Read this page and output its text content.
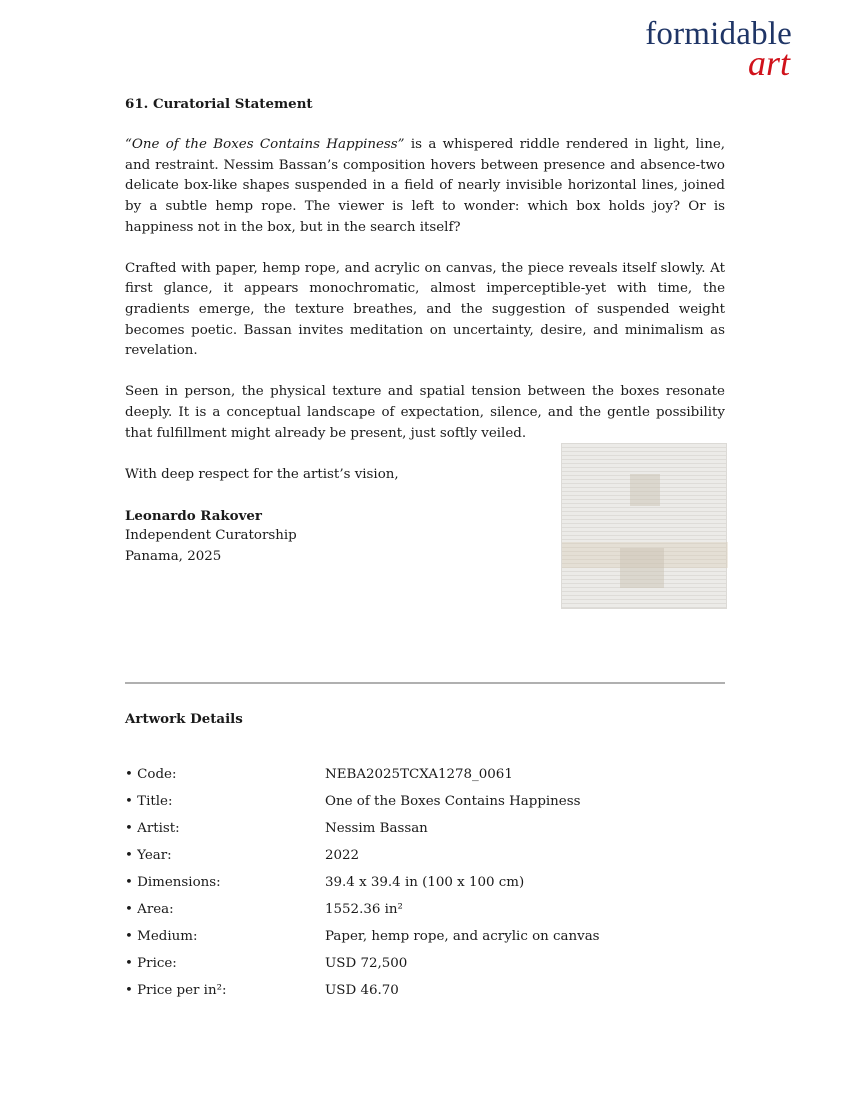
formidable
art

61. Curatorial Statement

“One of the Boxes Contains Happiness” is a whispered riddle rendered in light, line, and restraint. Nessim Bassan’s composition hovers between presence and absence-two delicate box-like shapes suspended in a field of nearly invisible horizontal lines, joined by a subtle hemp rope. The viewer is left to wonder: which box holds joy? Or is happiness not in the box, but in the search itself?

Crafted with paper, hemp rope, and acrylic on canvas, the piece reveals itself slowly. At first glance, it appears monochromatic, almost imperceptible-yet with time, the gradients emerge, the texture breathes, and the suggestion of suspended weight becomes poetic. Bassan invites meditation on uncertainty, desire, and minimalism as revelation.

Seen in person, the physical texture and spatial tension between the boxes resonate deeply. It is a conceptual landscape of expectation, silence, and the gentle possibility that fulfillment might already be present, just softly veiled.

With deep respect for the artist’s vision,

Leonardo Rakover

Independent Curatorship

Panama, 2025

Artwork Details
• Code:	NEBA2025TCXA1278_0061
• Title:	One of the Boxes Contains Happiness
• Artist:	Nessim Bassan
• Year:	2022
• Dimensions:	39.4 x 39.4 in (100 x 100 cm)
• Area:	1552.36 in²
• Medium:	Paper, hemp rope, and acrylic on canvas
• Price:	USD 72,500
• Price per in²:	USD 46.70
